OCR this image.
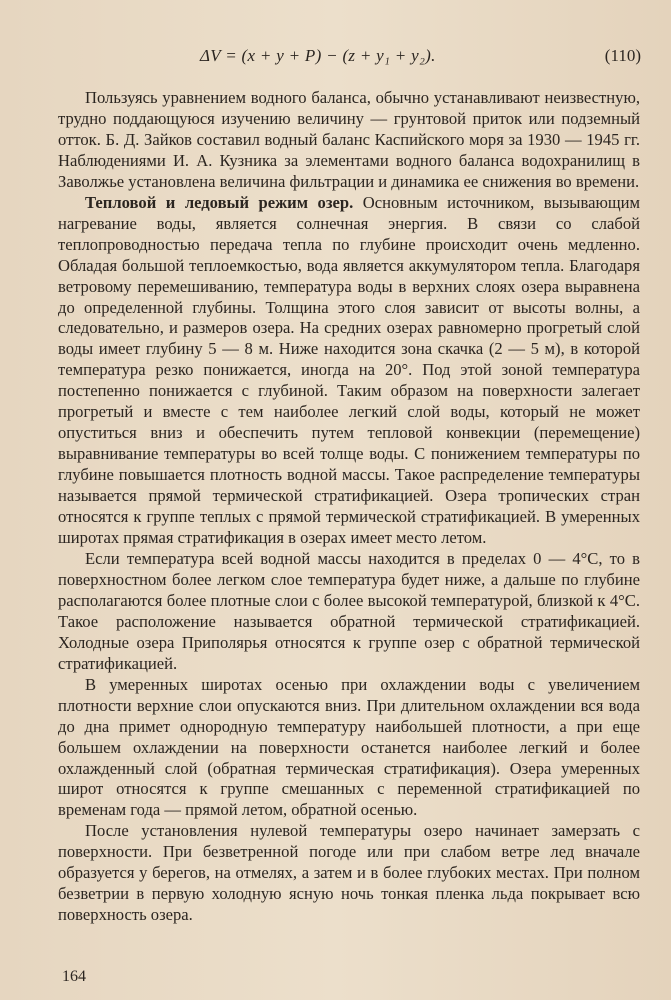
ΔV = (x + y + P) − (z + y₁ + y₂).	(110)

Пользуясь уравнением водного баланса, обычно устанавливают неизвестную, трудно поддающуюся изучению величину — грунтовой приток или подземный отток. Б. Д. Зайков составил водный баланс Каспийского моря за 1930 — 1945 гг. Наблюдениями И. А. Кузника за элементами водного баланса водохранилищ в Заволжье установлена величина фильтрации и динамика ее снижения во времени.

Тепловой и ледовый режим озер. Основным источником, вызывающим нагревание воды, является солнечная энергия. В связи со слабой теплопроводностью передача тепла по глубине происходит очень медленно. Обладая большой теплоемкостью, вода является аккумулятором тепла. Благодаря ветровому перемешиванию, температура воды в верхних слоях озера выравнена до определенной глубины. Толщина этого слоя зависит от высоты волны, а следовательно, и размеров озера. На средних озерах равномерно прогретый слой воды имеет глубину 5 — 8 м. Ниже находится зона скачка (2 — 5 м), в которой температура резко понижается, иногда на 20°. Под этой зоной температура постепенно понижается с глубиной. Таким образом на поверхности залегает прогретый и вместе с тем наиболее легкий слой воды, который не может опуститься вниз и обеспечить путем тепловой конвекции (перемещение) выравнивание температуры во всей толще воды. С понижением температуры по глубине повышается плотность водной массы. Такое распределение температуры называется прямой термической стратификацией. Озера тропических стран относятся к группе теплых с прямой термической стратификацией. В умеренных широтах прямая стратификация в озерах имеет место летом.

Если температура всей водной массы находится в пределах 0 — 4°С, то в поверхностном более легком слое температура будет ниже, а дальше по глубине располагаются более плотные слои с более высокой температурой, близкой к 4°С. Такое расположение называется обратной термической стратификацией. Холодные озера Приполярья относятся к группе озер с обратной термической стратификацией.

В умеренных широтах осенью при охлаждении воды с увеличением плотности верхние слои опускаются вниз. При длительном охлаждении вся вода до дна примет однородную температуру наибольшей плотности, а при еще большем охлаждении на поверхности останется наиболее легкий и более охлажденный слой (обратная термическая стратификация). Озера умеренных широт относятся к группе смешанных с переменной стратификацией по временам года — прямой летом, обратной осенью.

После установления нулевой температуры озеро начинает замерзать с поверхности. При безветренной погоде или при слабом ветре лед вначале образуется у берегов, на отмелях, а затем и в более глубоких местах. При полном безветрии в первую холодную ясную ночь тонкая пленка льда покрывает всю поверхность озера.

164
